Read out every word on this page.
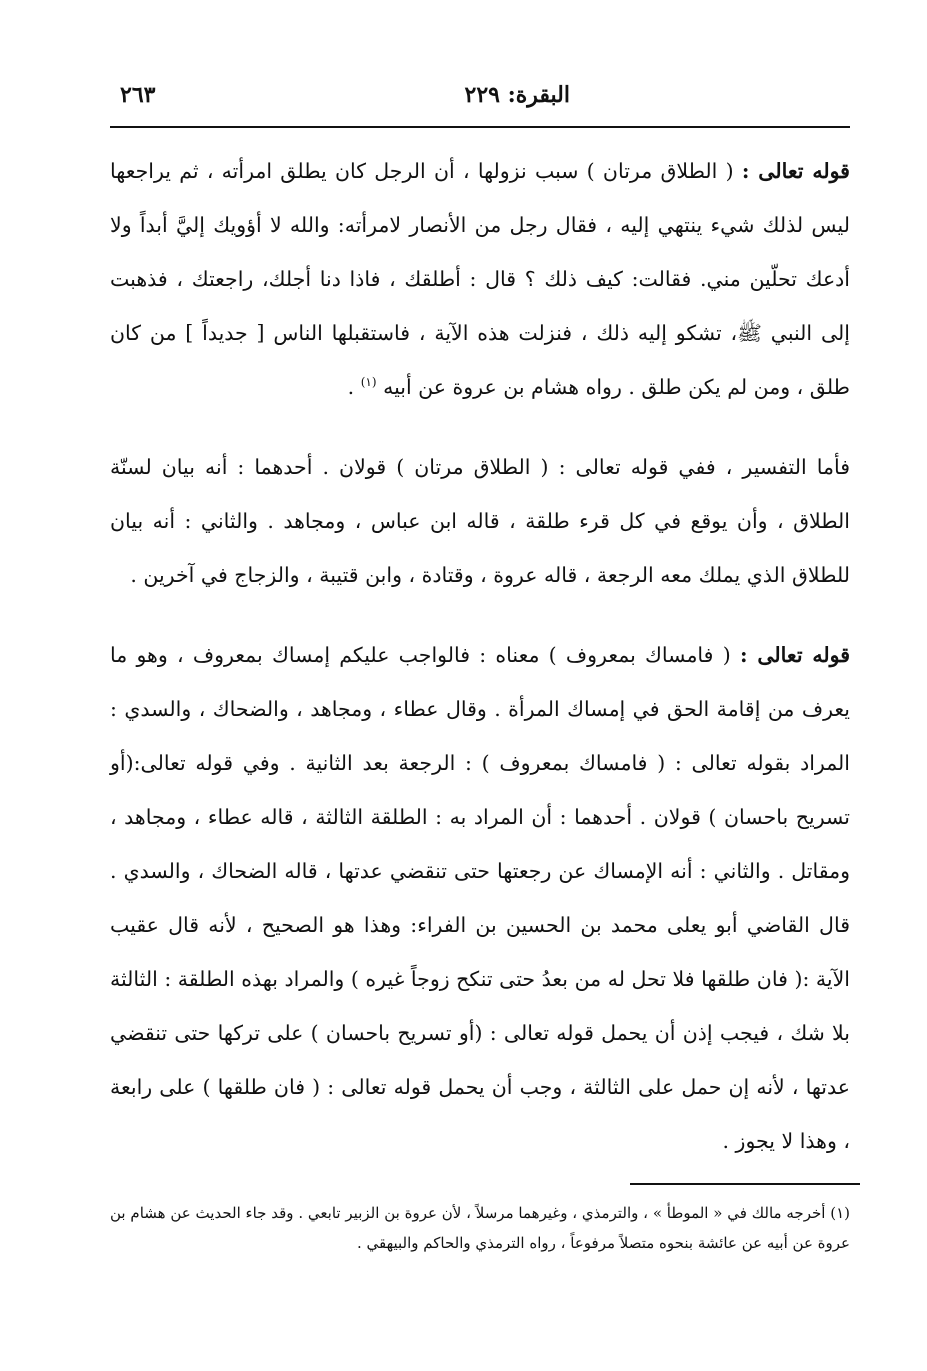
البقرة: ٢٢٩
٢٦٣

قوله تعالى : ( الطلاق مرتان ) سبب نزولها ، أن الرجل كان يطلق امرأته ، ثم يراجعها ليس لذلك شيء ينتهي إليه ، فقال رجل من الأنصار لامرأته: والله لا أؤويك إليَّ أبداً ولا أدعك تحلّين مني. فقالت: كيف ذلك ؟ قال : أطلقك ، فاذا دنا أجلك، راجعتك ، فذهبت إلى النبي ﷺ، تشكو إليه ذلك ، فنزلت هذه الآية ، فاستقبلها الناس [ جديداً ] من كان طلق ، ومن لم يكن طلق . رواه هشام بن عروة عن أبيه $^{(١)}$ .

فأما التفسير ، ففي قوله تعالى : ( الطلاق مرتان ) قولان . أحدهما : أنه بيان لسنّة الطلاق ، وأن يوقع في كل قرء طلقة ، قاله ابن عباس ، ومجاهد . والثاني : أنه بيان للطلاق الذي يملك معه الرجعة ، قاله عروة ، وقتادة ، وابن قتيبة ، والزجاج في آخرين .

قوله تعالى : ( فامساك بمعروف ) معناه : فالواجب عليكم إمساك بمعروف ، وهو ما يعرف من إقامة الحق في إمساك المرأة . وقال عطاء ، ومجاهد ، والضحاك ، والسدي : المراد بقوله تعالى : ( فامساك بمعروف ) : الرجعة بعد الثانية . وفي قوله تعالى:(أو تسريح باحسان ) قولان . أحدهما : أن المراد به : الطلقة الثالثة ، قاله عطاء ، ومجاهد ، ومقاتل . والثاني : أنه الإمساك عن رجعتها حتى تنقضي عدتها ، قاله الضحاك ، والسدي . قال القاضي أبو يعلى محمد بن الحسين بن الفراء: وهذا هو الصحيح ، لأنه قال عقيب الآية :( فان طلقها فلا تحل له من بعدُ حتى تنكح زوجاً غيره ) والمراد بهذه الطلقة : الثالثة بلا شك ، فيجب إذن أن يحمل قوله تعالى : (أو تسريح باحسان ) على تركها حتى تنقضي عدتها ، لأنه إن حمل على الثالثة ، وجب أن يحمل قوله تعالى : ( فان طلقها ) على رابعة ، وهذا لا يجوز .

(١) أخرجه مالك في « الموطأ » ، والترمذي ، وغيرهما مرسلاً ، لأن عروة بن الزبير تابعي . وقد جاء الحديث عن هشام بن عروة عن أبيه عن عائشة بنحوه متصلاً مرفوعاً ، رواه الترمذي والحاكم والبيهقي .
